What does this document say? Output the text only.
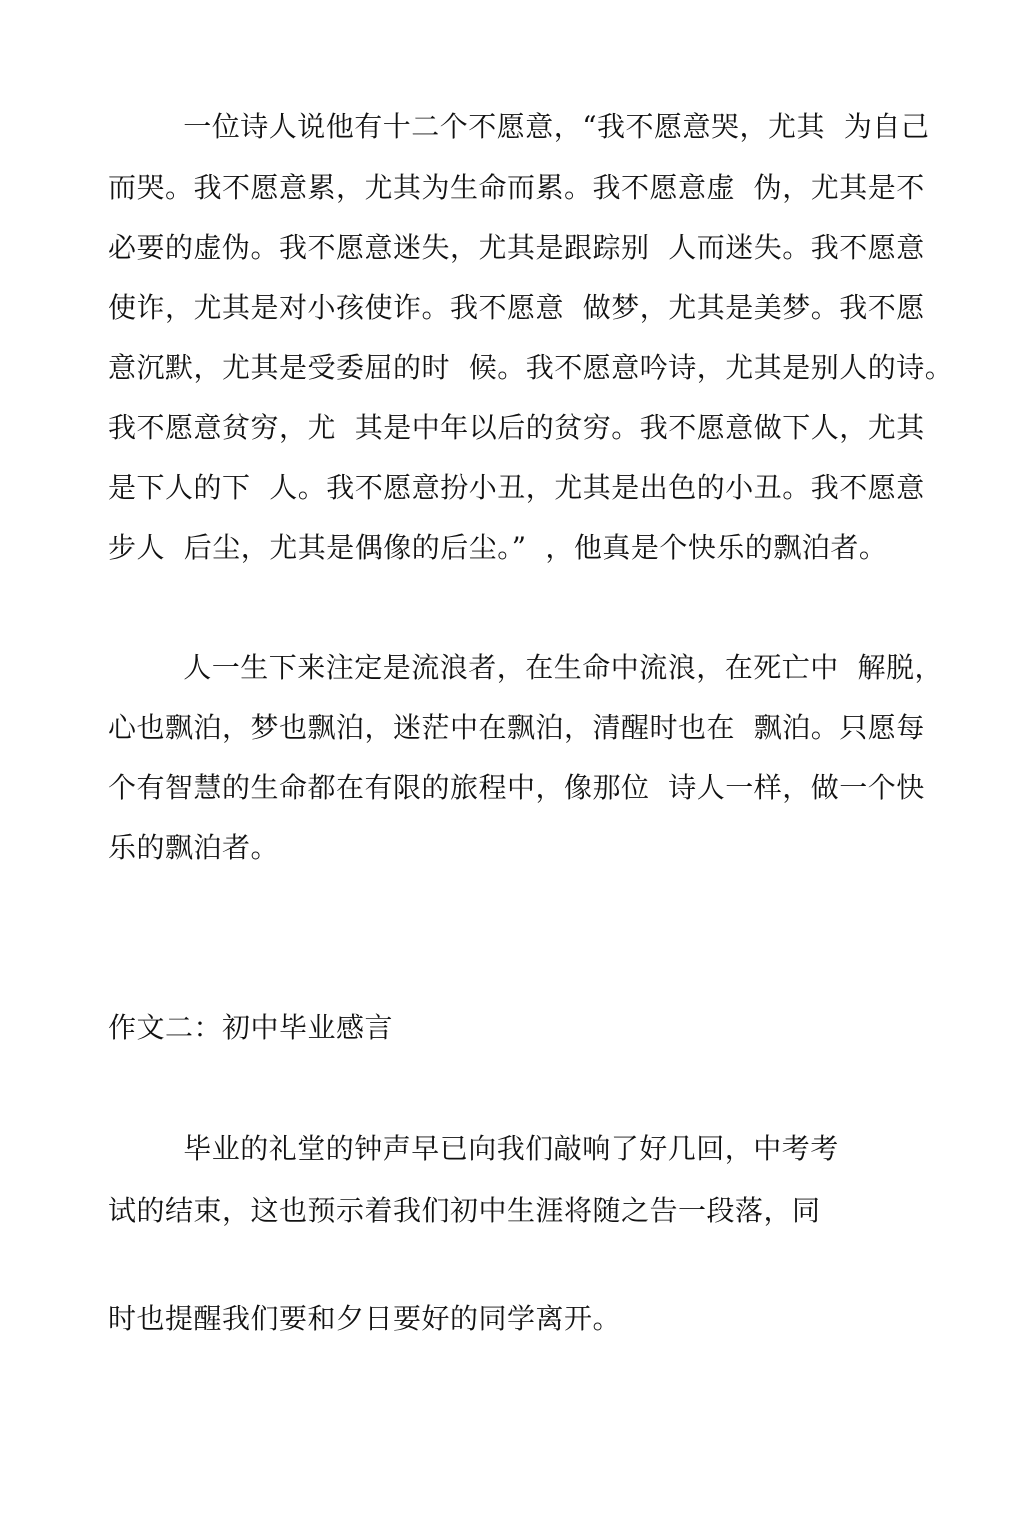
一位诗人说他有十二个不愿意，“我不愿意哭，尤其  为自己
而哭。我不愿意累，尤其为生命而累。我不愿意虚  伪，尤其是不
必要的虚伪。我不愿意迷失，尤其是跟踪别  人而迷失。我不愿意
使诈，尤其是对小孩使诈。我不愿意  做梦，尤其是美梦。我不愿
意沉默，尤其是受委屈的时  候。我不愿意吟诗，尤其是别人的诗。
我不愿意贫穷，尤  其是中年以后的贫穷。我不愿意做下人，尤其
是下人的下  人。我不愿意扮小丑，尤其是出色的小丑。我不愿意
步人  后尘，尤其是偶像的后尘。”  ，他真是个快乐的飘泊者。
人一生下来注定是流浪者，在生命中流浪，在死亡中  解脱，
心也飘泊，梦也飘泊，迷茫中在飘泊，清醒时也在  飘泊。只愿每
个有智慧的生命都在有限的旅程中，像那位  诗人一样，做一个快
乐的飘泊者。
作文二：初中毕业感言
毕业的礼堂的钟声早已向我们敲响了好几回，中考考
试的结束，这也预示着我们初中生涯将随之告一段落，同
时也提醒我们要和夕日要好的同学离开。
